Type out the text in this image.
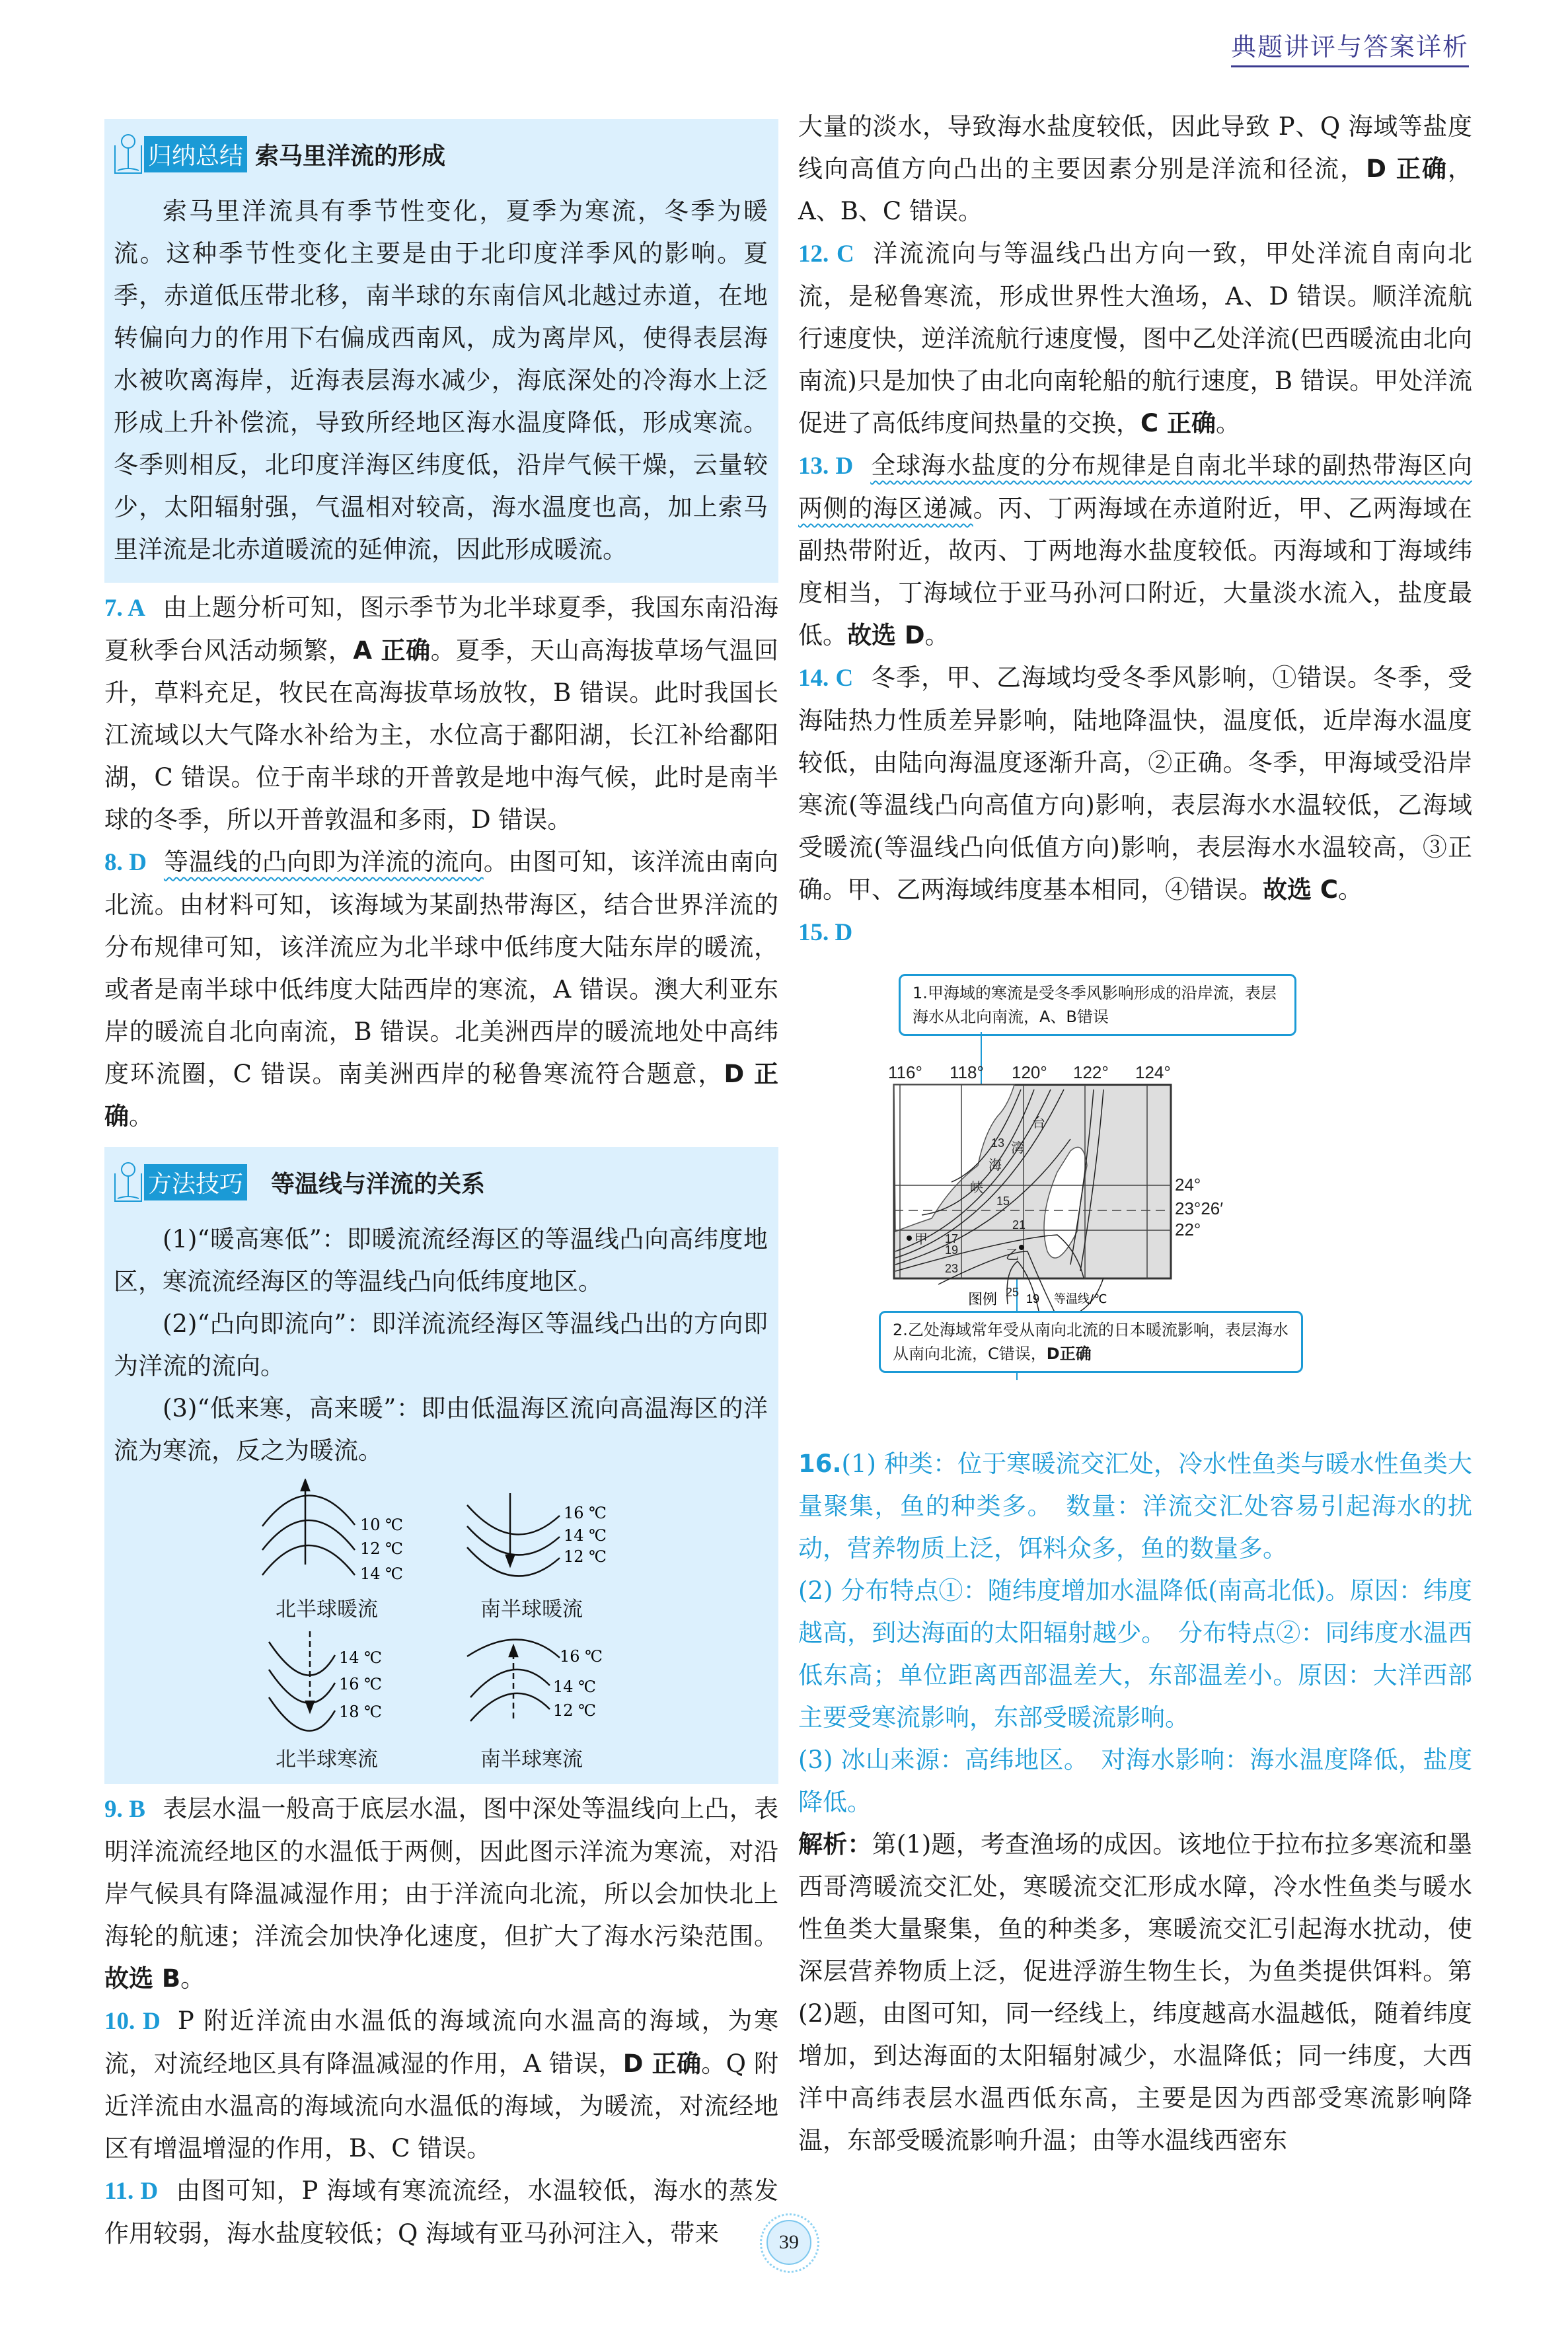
典题讲评与答案详析
归纳总结 索马里洋流的形成

索马里洋流具有季节性变化，夏季为寒流，冬季为暖流。这种季节性变化主要是由于北印度洋季风的影响。夏季，赤道低压带北移，南半球的东南信风北越过赤道，在地转偏向力的作用下右偏成西南风，成为离岸风，使得表层海水被吹离海岸，近海表层海水减少，海底深处的冷海水上泛形成上升补偿流，导致所经地区海水温度降低，形成寒流。冬季则相反，北印度洋海区纬度低，沿岸气候干燥，云量较少，太阳辐射强，气温相对较高，海水温度也高，加上索马里洋流是北赤道暖流的延伸流，因此形成暖流。

7. A 由上题分析可知，图示季节为北半球夏季，我国东南沿海夏秋季台风活动频繁，A 正确。夏季，天山高海拔草场气温回升，草料充足，牧民在高海拔草场放牧，B 错误。此时我国长江流域以大气降水补给为主，水位高于鄱阳湖，长江补给鄱阳湖，C 错误。位于南半球的开普敦是地中海气候，此时是南半球的冬季，所以开普敦温和多雨，D 错误。

8. D 等温线的凸向即为洋流的流向。由图可知，该洋流由南向北流。由材料可知，该海域为某副热带海区，结合世界洋流的分布规律可知，该洋流应为北半球中低纬度大陆东岸的暖流，或者是南半球中低纬度大陆西岸的寒流，A 错误。澳大利亚东岸的暖流自北向南流，B 错误。北美洲西岸的暖流地处中高纬度环流圈，C 错误。南美洲西岸的秘鲁寒流符合题意，D 正确。

方法技巧 等温线与洋流的关系

(1)“暖高寒低”：即暖流流经海区的等温线凸向高纬度地区，寒流流经海区的等温线凸向低纬度地区。

(2)“凸向即流向”：即洋流流经海区等温线凸出的方向即为洋流的流向。

(3)“低来寒，高来暖”：即由低温海区流向高温海区的洋流为寒流，反之为暖流。

10 ℃
12 ℃
14 ℃
北半球暖流
16 ℃
14 ℃
12 ℃
南半球暖流
14 ℃
16 ℃
18 ℃
北半球寒流
16 ℃
14 ℃
12 ℃
南半球寒流

9. B 表层水温一般高于底层水温，图中深处等温线向上凸，表明洋流流经地区的水温低于两侧，因此图示洋流为寒流，对沿岸气候具有降温减湿作用；由于洋流向北流，所以会加快北上海轮的航速；洋流会加快净化速度，但扩大了海水污染范围。故选 B。

10. D P 附近洋流由水温低的海域流向水温高的海域，为寒流，对流经地区具有降温减湿的作用，A 错误，D 正确。Q 附近洋流由水温高的海域流向水温低的海域，为暖流，对流经地区有增温增湿的作用，B、C 错误。

11. D 由图可知，P 海域有寒流流经，水温较低，海水的蒸发作用较弱，海水盐度较低；Q 海域有亚马孙河注入，带来

大量的淡水，导致海水盐度较低，因此导致 P、Q 海域等盐度线向高值方向凸出的主要因素分别是洋流和径流，D 正确，A、B、C 错误。

12. C 洋流流向与等温线凸出方向一致，甲处洋流自南向北流，是秘鲁寒流，形成世界性大渔场，A、D 错误。顺洋流航行速度快，逆洋流航行速度慢，图中乙处洋流(巴西暖流由北向南流)只是加快了由北向南轮船的航行速度，B 错误。甲处洋流促进了高低纬度间热量的交换，C 正确。

13. D 全球海水盐度的分布规律是自南北半球的副热带海区向两侧的海区递减。丙、丁两海域在赤道附近，甲、乙两海域在副热带附近，故丙、丁两地海水盐度较低。丙海域和丁海域纬度相当，丁海域位于亚马孙河口附近，大量淡水流入，盐度最低。故选 D。

14. C 冬季，甲、乙海域均受冬季风影响，①错误。冬季，受海陆热力性质差异影响，陆地降温快，温度低，近岸海水温度较低，由陆向海温度逐渐升高，②正确。冬季，甲海域受沿岸寒流(等温线凸向高值方向)影响，表层海水水温较低，乙海域受暖流(等温线凸向低值方向)影响，表层海水水温较高，③正确。甲、乙两海域纬度基本相同，④错误。故选 C。

15. D

1.甲海域的寒流是受冬季风影响形成的沿岸流，表层海水从北向南流，A、B错误
116° 118° 120° 122° 124°
24°
23°26′
22°
13
15
17
19
21
23
25
台
湾
海
峡
甲
乙
图例 19 等温线/℃
2.乙处海域常年受从南向北流的日本暖流影响，表层海水从南向北流，C错误，D正确

16.(1) 种类：位于寒暖流交汇处，冷水性鱼类与暖水性鱼类大量聚集，鱼的种类多。　数量：洋流交汇处容易引起海水的扰动，营养物质上泛，饵料众多，鱼的数量多。

(2) 分布特点①：随纬度增加水温降低(南高北低)。原因：纬度越高，到达海面的太阳辐射越少。　分布特点②：同纬度水温西低东高；单位距离西部温差大，东部温差小。原因：大洋西部主要受寒流影响，东部受暖流影响。

(3) 冰山来源：高纬地区。　对海水影响：海水温度降低，盐度降低。

解析：第(1)题，考查渔场的成因。该地位于拉布拉多寒流和墨西哥湾暖流交汇处，寒暖流交汇形成水障，冷水性鱼类与暖水性鱼类大量聚集，鱼的种类多，寒暖流交汇引起海水扰动，使深层营养物质上泛，促进浮游生物生长，为鱼类提供饵料。第(2)题，由图可知，同一经线上，纬度越高水温越低，随着纬度增加，到达海面的太阳辐射减少，水温降低；同一纬度，大西洋中高纬表层水温西低东高，主要是因为西部受寒流影响降温，东部受暖流影响升温；由等水温线西密东

39
